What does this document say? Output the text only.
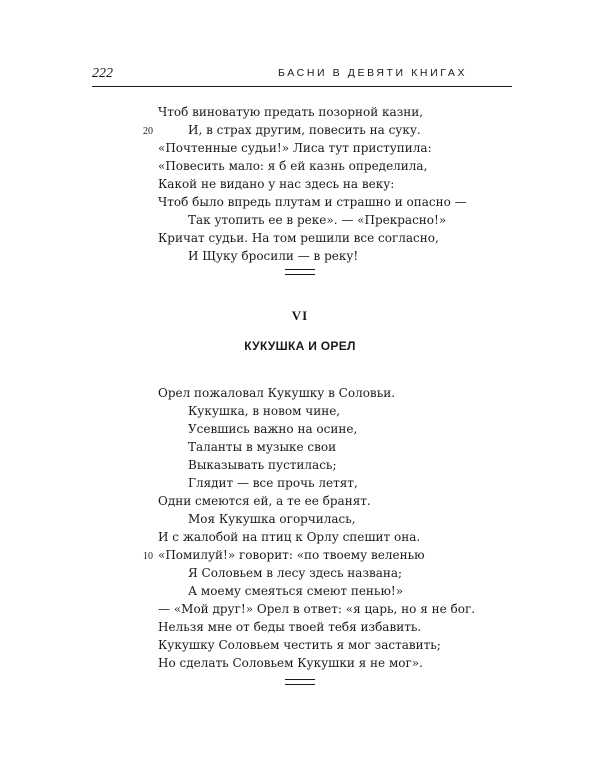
222	БАСНИ В ДЕВЯТИ КНИГАХ
Чтоб виноватую предать позорной казни,
20	И, в страх другим, повесить на суку.
«Почтенные судьи!» Лиса тут приступила:
«Повесить мало: я б ей казнь определила,
Какой не видано у нас здесь на веку:
Чтоб было впредь плутам и страшно и опасно —
Так утопить ее в реке». — «Прекрасно!»
Кричат судьи. На том решили все согласно,
И Щуку бросили — в реку!
VI
КУКУШКА И ОРЕЛ
Орел пожаловал Кукушку в Соловьи.
Кукушка, в новом чине,
Усевшись важно на осине,
Таланты в музыке свои
Выказывать пустилась;
Глядит — все прочь летят,
Одни смеются ей, а те ее бранят.
Моя Кукушка огорчилась,
И с жалобой на птиц к Орлу спешит она.
10 «Помилуй!» говорит: «по твоему веленью
Я Соловьем в лесу здесь названа;
А моему смеяться смеют пенью!»
— «Мой друг!» Орел в ответ: «я царь, но я не бог.
Нельзя мне от беды твоей тебя избавить.
Кукушку Соловьем честить я мог заставить;
Но сделать Соловьем Кукушки я не мог».
